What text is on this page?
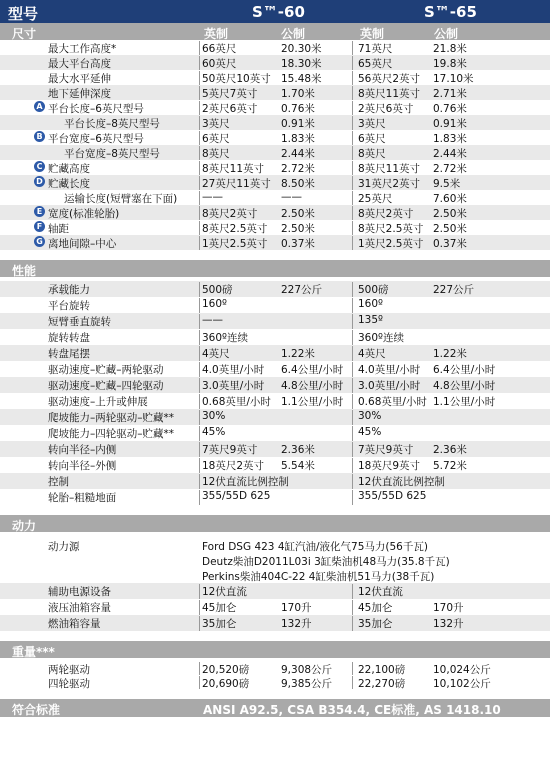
型号	S™-60	S™-65
尺寸	英制	公制	英制	公制
最大工作高度*	66英尺	20.30米	71英尺	21.8米
最大平台高度	60英尺	18.30米	65英尺	19.8米
最大水平延伸	50英尺10英寸 15.48米	56英尺2英寸 17.10米
地下延伸深度	5英尺7英寸 1.70米	8英尺11英寸 2.71米
A 平台长度–6英尺型号	2英尺6英寸 0.76米	2英尺6英寸 0.76米
平台长度–8英尺型号	3英尺	0.91米	3英尺	0.91米
B 平台宽度–6英尺型号	6英尺	1.83米	6英尺	1.83米
平台宽度–8英尺型号	8英尺	2.44米	8英尺	2.44米
C 贮藏高度	8英尺11英寸 2.72米	8英尺11英寸 2.72米
D 贮藏长度	27英尺11英寸 8.50米	31英尺2英寸 9.5米
运输长度(短臂塞在下面) ——	——	25英尺	7.60米
E 宽度(标准轮胎)	8英尺2英寸 2.50米	8英尺2英寸 2.50米
F 轴距	8英尺2.5英寸 2.50米	8英尺2.5英寸 2.50米
G 离地间隙–中心	1英尺2.5英寸 0.37米	1英尺2.5英寸 0.37米
性能
承载能力	500磅	227公斤	500磅	227公斤
平台旋转	160º	160º
短臂垂直旋转	——	135º
旋转转盘	360º连续	360º连续
转盘尾摆	4英尺	1.22米	4英尺	1.22米
驱动速度–贮藏–两轮驱动	4.0英里/小时 6.4公里/小时 4.0英里/小时 6.4公里/小时
驱动速度–贮藏–四轮驱动	3.0英里/小时 4.8公里/小时 3.0英里/小时 4.8公里/小时
驱动速度–上升或伸展	0.68英里/小时 1.1公里/小时 0.68英里/小时 1.1公里/小时
爬坡能力–两轮驱动–贮藏**	30%	30%
爬坡能力–四轮驱动–贮藏**	45%	45%
转向半径–内侧	7英尺9英寸 2.36米	7英尺9英寸 2.36米
转向半径–外侧	18英尺2英寸 5.54米	18英尺9英寸 5.72米
控制	12伏直流比例控制	12伏直流比例控制
轮胎–粗糙地面	355/55D 625	355/55D 625
动力
动力源	Ford DSG 423 4缸汽油/液化气75马力(56千瓦)
Deutz柴油D2011L03i 3缸柴油机48马力(35.8千瓦)
Perkins柴油404C-22 4缸柴油机51马力(38千瓦)
辅助电源设备	12伏直流	12伏直流
液压油箱容量	45加仑	170升	45加仑	170升
燃油箱容量	35加仑	132升	35加仑	132升
重量***
两轮驱动	20,520磅	9,308公斤 22,100磅	10,024公斤
四轮驱动	20,690磅	9,385公斤 22,270磅	10,102公斤
符合标准	ANSI A92.5, CSA B354.4, CE标准, AS 1418.10
